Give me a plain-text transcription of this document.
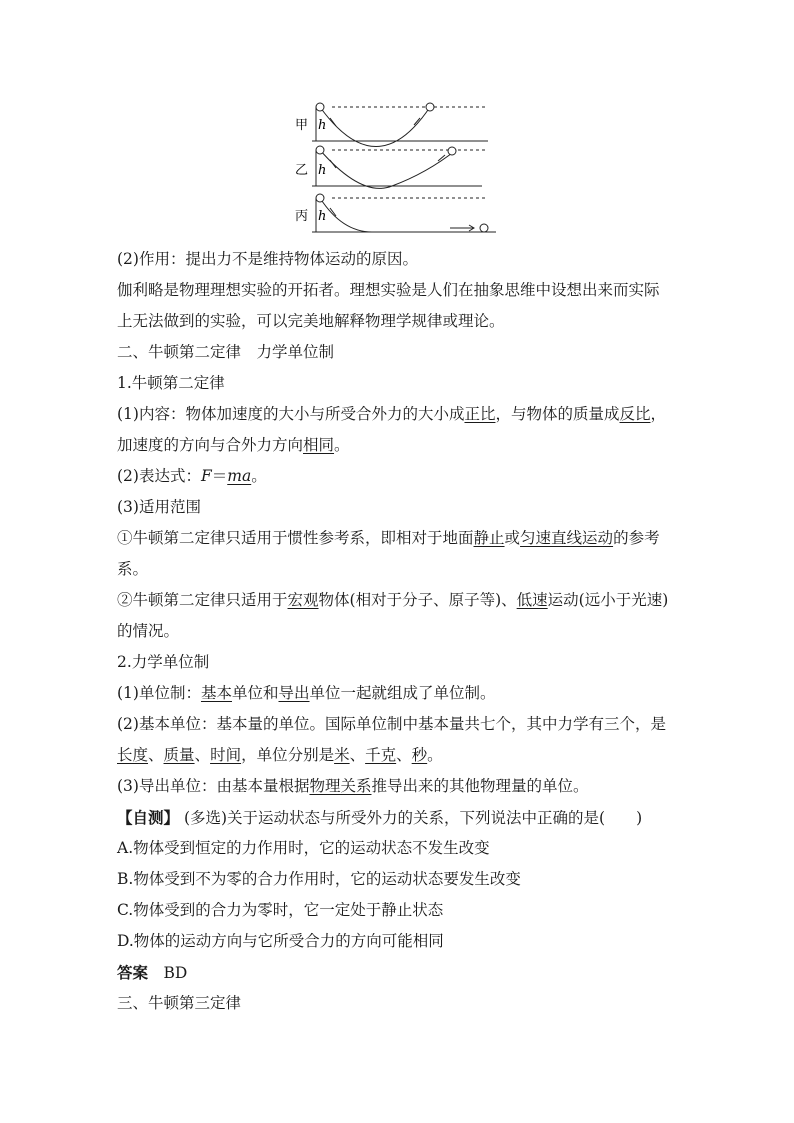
甲
乙
丙
h
h
h
(2)作用：提出力不是维持物体运动的原因。
伽利略是物理理想实验的开拓者。理想实验是人们在抽象思维中设想出来而实际
上无法做到的实验，可以完美地解释物理学规律或理论。
二、牛顿第二定律　力学单位制
1.牛顿第二定律
(1)内容：物体加速度的大小与所受合外力的大小成正比，与物体的质量成反比，
加速度的方向与合外力方向相同。
(2)表达式：F＝ma。
(3)适用范围
①牛顿第二定律只适用于惯性参考系，即相对于地面静止或匀速直线运动的参考
系。
②牛顿第二定律只适用于宏观物体(相对于分子、原子等)、低速运动(远小于光速)
的情况。
2.力学单位制
(1)单位制：基本单位和导出单位一起就组成了单位制。
(2)基本单位：基本量的单位。国际单位制中基本量共七个，其中力学有三个，是
长度、质量、时间，单位分别是米、千克、秒。
(3)导出单位：由基本量根据物理关系推导出来的其他物理量的单位。
【自测】 (多选)关于运动状态与所受外力的关系，下列说法中正确的是(　　)
A.物体受到恒定的力作用时，它的运动状态不发生改变
B.物体受到不为零的合力作用时，它的运动状态要发生改变
C.物体受到的合力为零时，它一定处于静止状态
D.物体的运动方向与它所受合力的方向可能相同
答案　BD
三、牛顿第三定律
